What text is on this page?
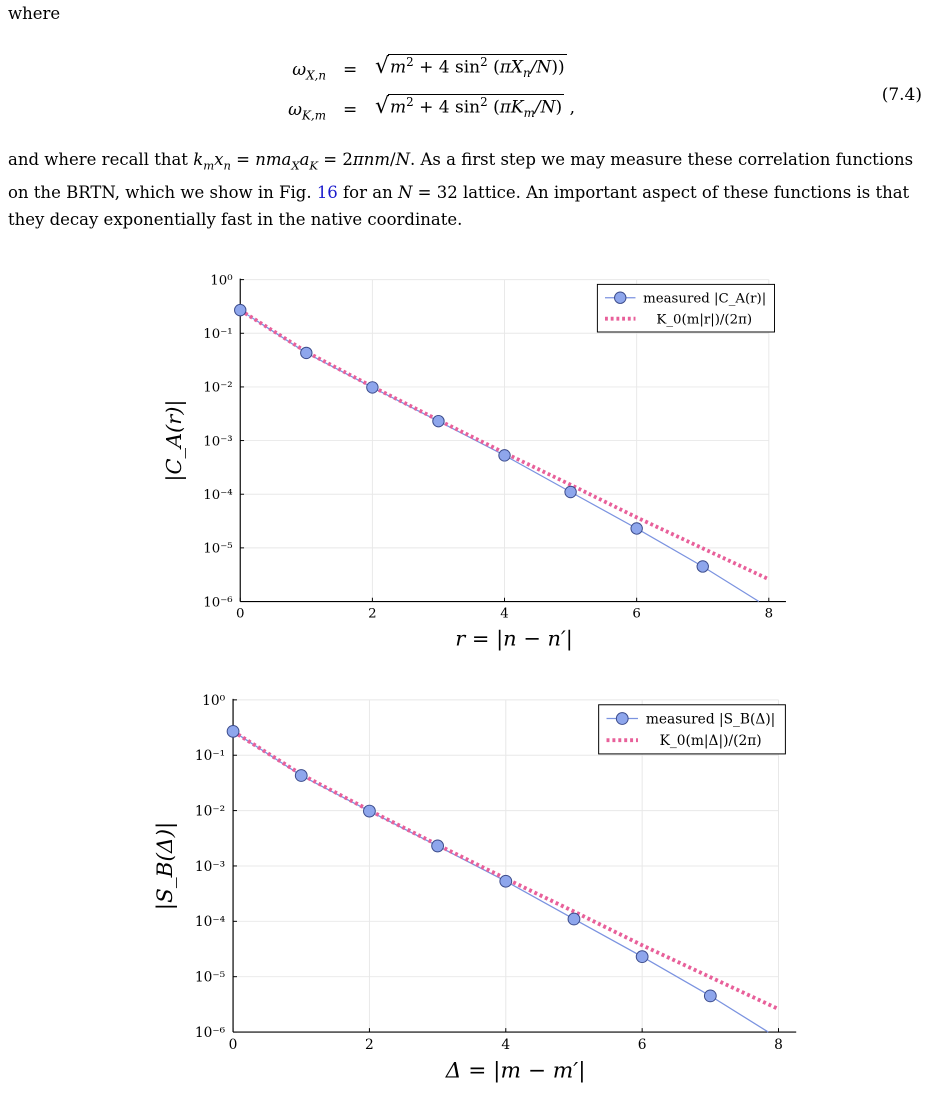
where
$\omega_{X,n} = √m^2 + 4$ $\sin^2 (\pi X_n/N)$)
$\omega_{K,m} = √m^2 + 4$ $\sin^2 (\pi K_m/N)$ ,
(7.4)
and where recall that $k_mx_n = nma_Xa_K = 2\pi nm/N$. As a first step we may measure these correlation functions on the BRTN, which we show in Fig. 16 for an N = 32 lattice. An important aspect of these functions is that they decay exponentially fast in the native coordinate.
0	2	4	6	8
10⁰
10⁻¹
10⁻²
10⁻³
10⁻⁴
10⁻⁵
10⁻⁶
r = |n − n′|
|C_A(r)|
measured |C_A(r)|
K_0(m|r|)/(2π)
0	2	4	6	8
10⁰
10⁻¹
10⁻²
10⁻³
10⁻⁴
10⁻⁵
10⁻⁶
Δ = |m − m′|
|S_B(Δ)|
measured |S_B(Δ)|
K_0(m|Δ|)/(2π)
